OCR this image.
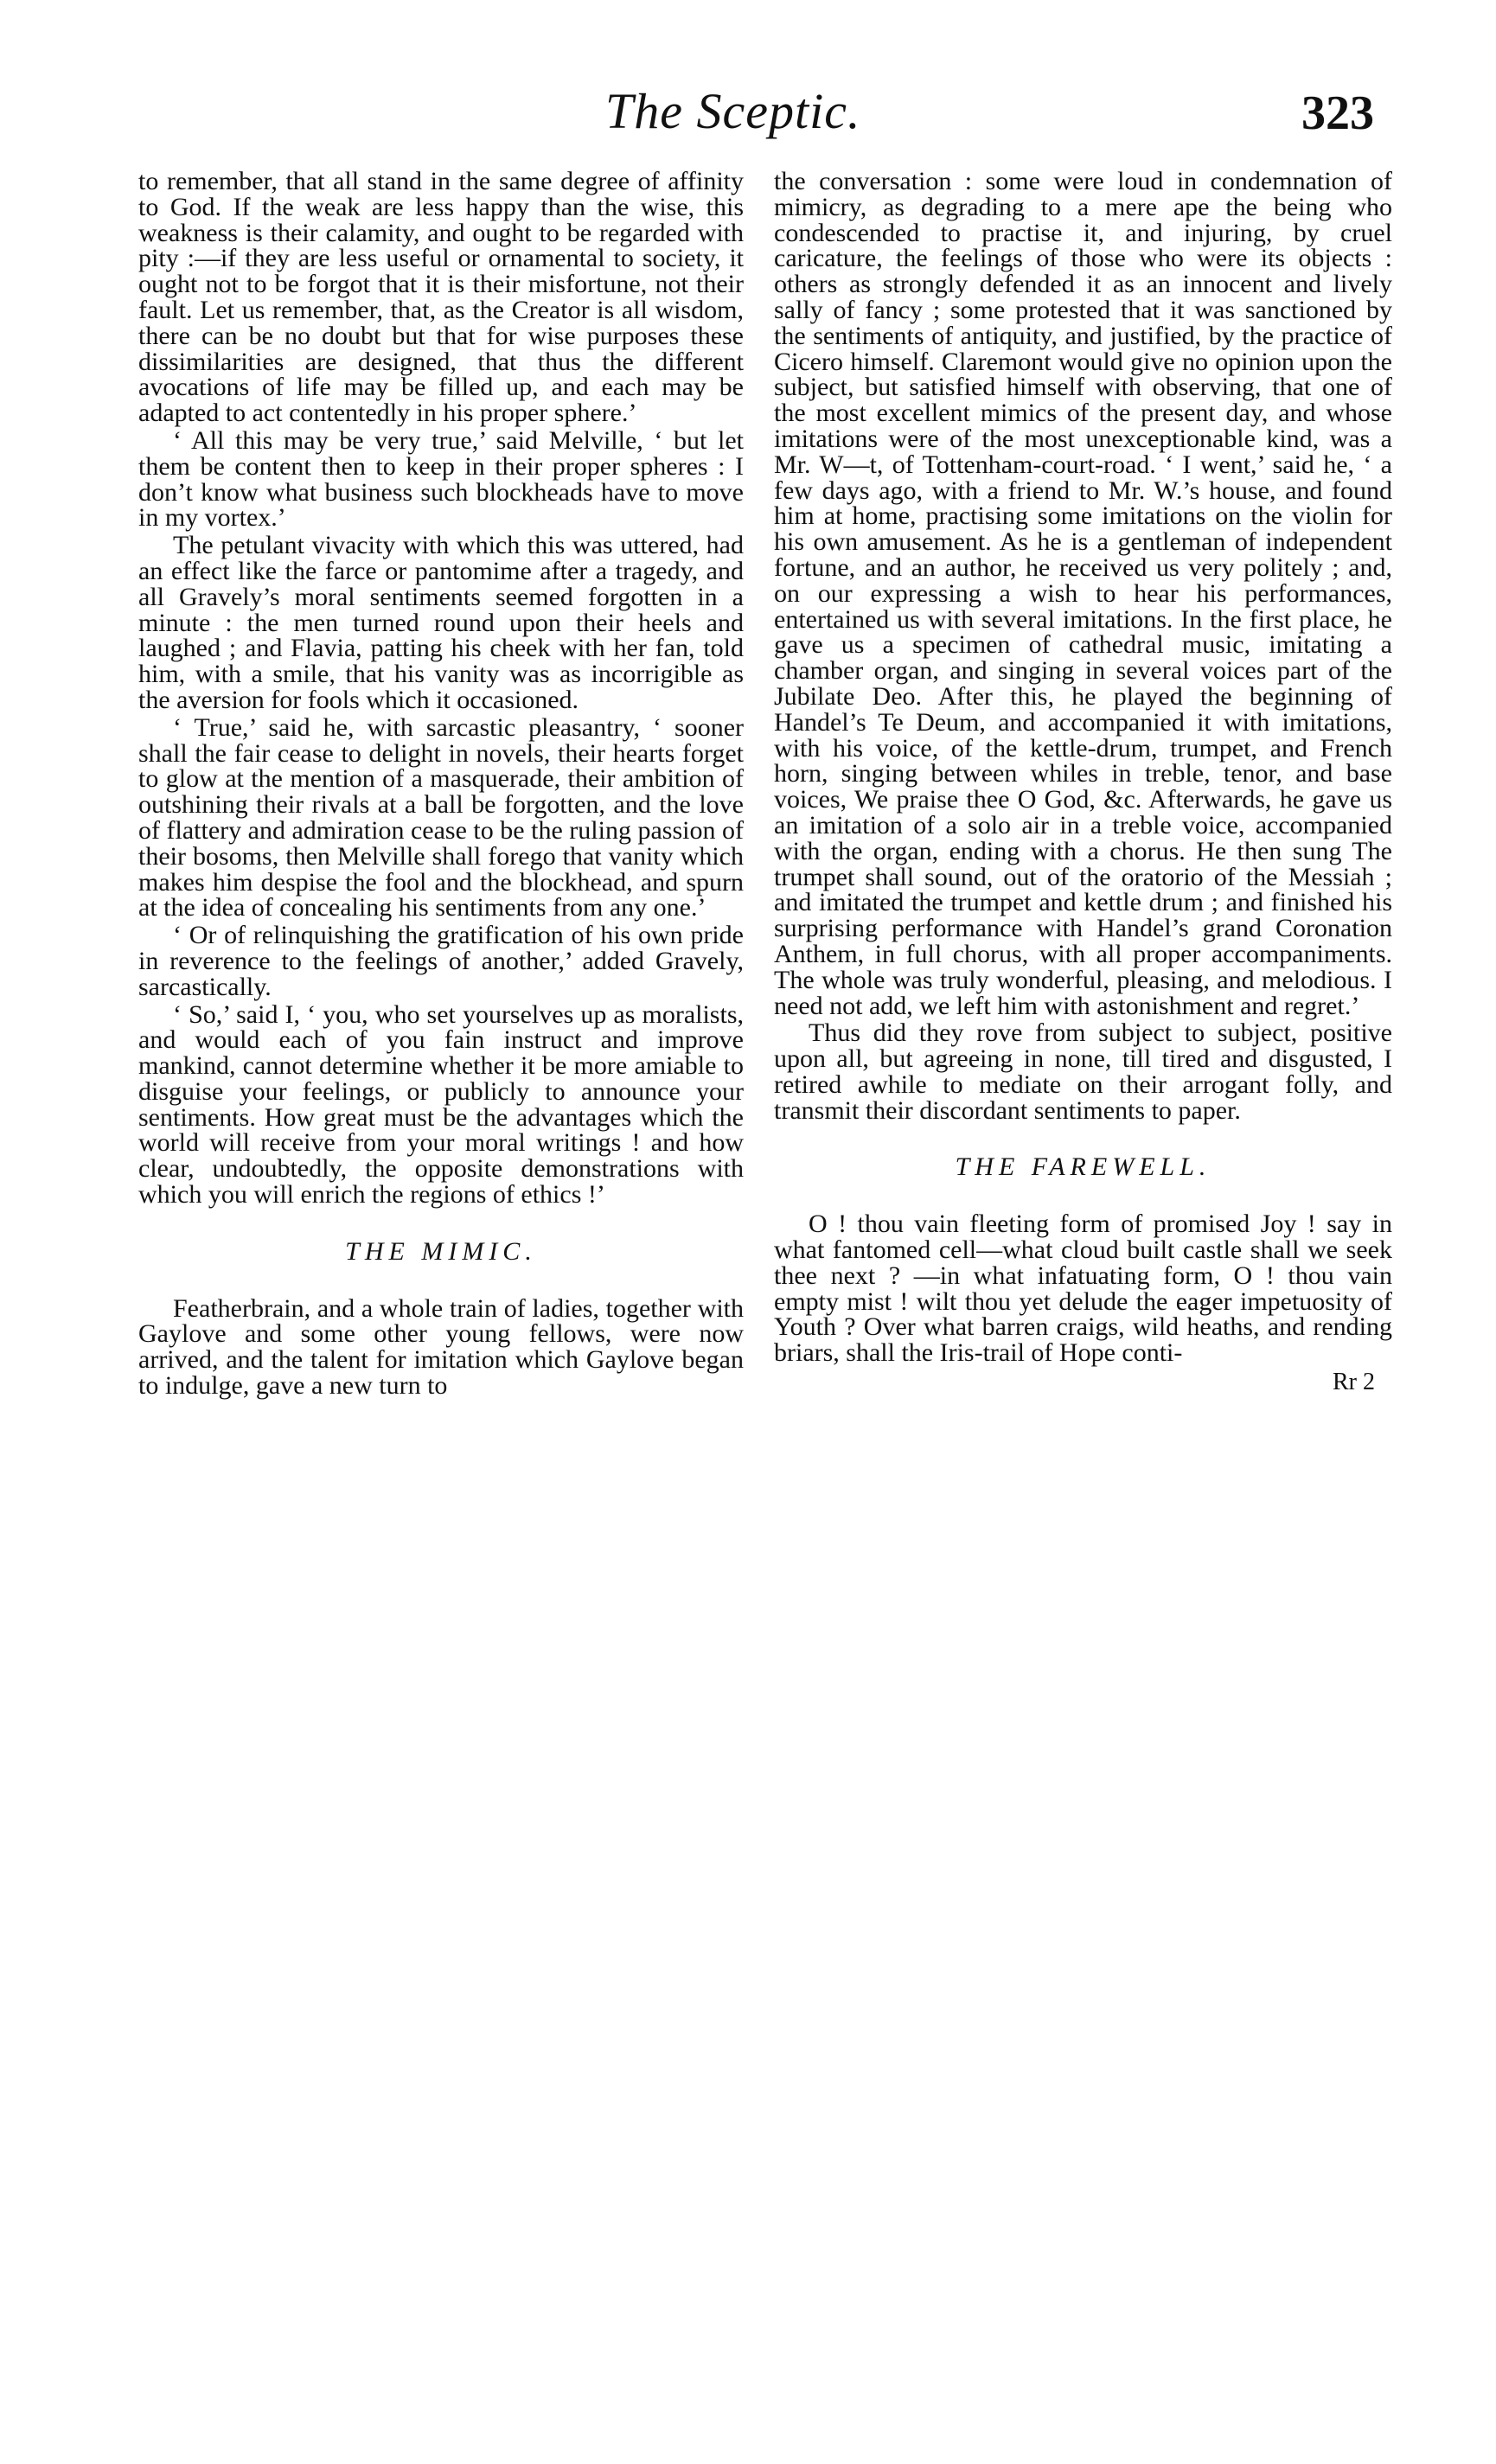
The Sceptic.	323

to remember, that all stand in the same degree of affinity to God. If the weak are less happy than the wise, this weakness is their calamity, and ought to be regarded with pity :—if they are less useful or ornamental to society, it ought not to be forgot that it is their misfortune, not their fault. Let us remember, that, as the Creator is all wisdom, there can be no doubt but that for wise purposes these dissimilarities are designed, that thus the different avocations of life may be filled up, and each may be adapted to act contentedly in his proper sphere.’

‘ All this may be very true,’ said Melville, ‘ but let them be content then to keep in their proper spheres : I don’t know what business such blockheads have to move in my vortex.’

The petulant vivacity with which this was uttered, had an effect like the farce or pantomime after a tragedy, and all Gravely’s moral sentiments seemed forgotten in a minute : the men turned round upon their heels and laughed ; and Flavia, patting his cheek with her fan, told him, with a smile, that his vanity was as incorrigible as the aversion for fools which it occasioned.

‘ True,’ said he, with sarcastic pleasantry, ‘ sooner shall the fair cease to delight in novels, their hearts forget to glow at the mention of a masquerade, their ambition of outshining their rivals at a ball be forgotten, and the love of flattery and admiration cease to be the ruling passion of their bosoms, then Melville shall forego that vanity which makes him despise the fool and the blockhead, and spurn at the idea of concealing his sentiments from any one.’

‘ Or of relinquishing the gratification of his own pride in reverence to the feelings of another,’ added Gravely, sarcastically.

‘ So,’ said I, ‘ you, who set yourselves up as moralists, and would each of you fain instruct and improve mankind, cannot determine whether it be more amiable to disguise your feelings, or publicly to announce your sentiments. How great must be the advantages which the world will receive from your moral writings ! and how clear, undoubtedly, the opposite demonstrations with which you will enrich the regions of ethics !’

THE MIMIC.

Featherbrain, and a whole train of ladies, together with Gaylove and some other young fellows, were now arrived, and the talent for imitation which Gaylove began to indulge, gave a new turn to

the conversation : some were loud in condemnation of mimicry, as degrading to a mere ape the being who condescended to practise it, and injuring, by cruel caricature, the feelings of those who were its objects : others as strongly defended it as an innocent and lively sally of fancy ; some protested that it was sanctioned by the sentiments of antiquity, and justified, by the practice of Cicero himself. Claremont would give no opinion upon the subject, but satisfied himself with observing, that one of the most excellent mimics of the present day, and whose imitations were of the most unexceptionable kind, was a Mr. W—t, of Tottenham-court-road. ‘ I went,’ said he, ‘ a few days ago, with a friend to Mr. W.’s house, and found him at home, practising some imitations on the violin for his own amusement. As he is a gentleman of independent fortune, and an author, he received us very politely ; and, on our expressing a wish to hear his performances, entertained us with several imitations. In the first place, he gave us a specimen of cathedral music, imitating a chamber organ, and singing in several voices part of the Jubilate Deo. After this, he played the beginning of Handel’s Te Deum, and accompanied it with imitations, with his voice, of the kettle-drum, trumpet, and French horn, singing between whiles in treble, tenor, and base voices, We praise thee O God, &c. Afterwards, he gave us an imitation of a solo air in a treble voice, accompanied with the organ, ending with a chorus. He then sung The trumpet shall sound, out of the oratorio of the Messiah ; and imitated the trumpet and kettle drum ; and finished his surprising performance with Handel’s grand Coronation Anthem, in full chorus, with all proper accompaniments. The whole was truly wonderful, pleasing, and melodious. I need not add, we left him with astonishment and regret.’

Thus did they rove from subject to subject, positive upon all, but agreeing in none, till tired and disgusted, I retired awhile to mediate on their arrogant folly, and transmit their discordant sentiments to paper.

THE FAREWELL.

O ! thou vain fleeting form of promised Joy ! say in what fantomed cell—what cloud built castle shall we seek thee next ? —in what infatuating form, O ! thou vain empty mist ! wilt thou yet delude the eager impetuosity of Youth ? Over what barren craigs, wild heaths, and rending briars, shall the Iris-trail of Hope conti-

Rr 2
